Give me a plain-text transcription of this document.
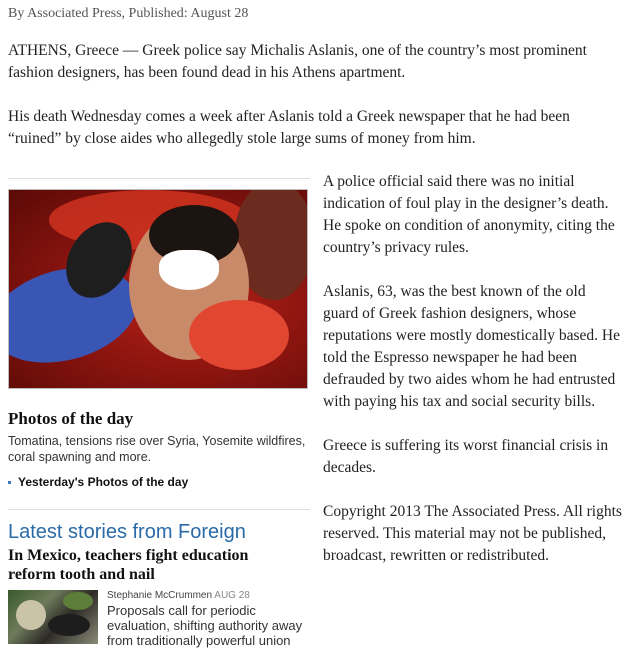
By Associated Press, Published: August 28

ATHENS, Greece — Greek police say Michalis Aslanis, one of the country’s most prominent fashion designers, has been found dead in his Athens apartment.

His death Wednesday comes a week after Aslanis told a Greek newspaper that he had been “ruined” by close aides who allegedly stole large sums of money from him.

Photos of the day
Tomatina, tensions rise over Syria, Yosemite wildfires, coral spawning and more.
Yesterday's Photos of the day
Latest stories from Foreign
In Mexico, teachers fight education reform tooth and nail
Stephanie McCrummen AUG 28
Proposals call for periodic evaluation, shifting authority away from traditionally powerful union

A police official said there was no initial indication of foul play in the designer’s death. He spoke on condition of anonymity, citing the country’s privacy rules.

Aslanis, 63, was the best known of the old guard of Greek fashion designers, whose reputations were mostly domestically based. He told the Espresso newspaper he had been defrauded by two aides whom he had entrusted with paying his tax and social security bills.

Greece is suffering its worst financial crisis in decades.

Copyright 2013 The Associated Press. All rights reserved. This material may not be published, broadcast, rewritten or redistributed.
